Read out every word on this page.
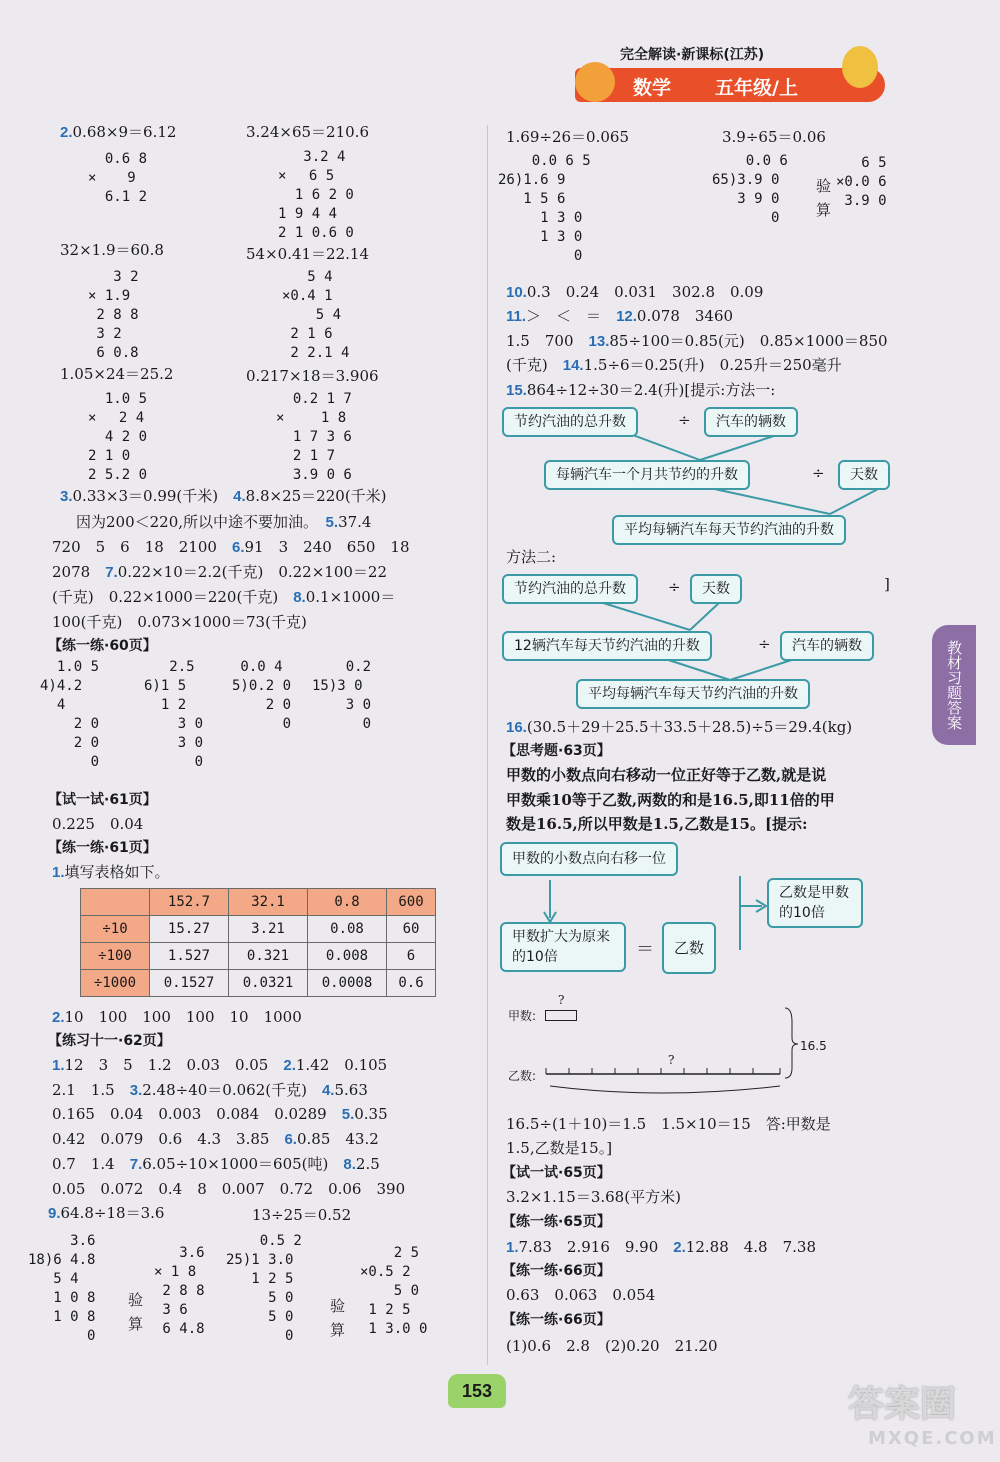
完全解读·新课标(江苏)
数学 五年级/上
教材习题答案
2.0.68×9＝6.12	3.24×65＝210.6
0.6 8
× 　 9
6.1 2
3.2 4
×　 6 5
1 6 2 0
1 9 4 4
2 1 0.6 0
32×1.9＝60.8	54×0.41＝22.14
3 2
× 1.9
2 8 8
3 2
6 0.8
5 4
×0.4 1
5 4
2 1 6
2 2.1 4
1.05×24＝25.2	0.217×18＝3.906
1.0 5
×　 2 4
4 2 0
2 1 0
2 5.2 0
0.2 1 7
×　　 1 8
1 7 3 6
2 1 7
3.9 0 6
3.0.33×3＝0.99(千米)　 4.8.8×25＝220(千米)
因为200＜220,所以中途不要加油。　 5.37.4
720　5　6　18　2100　 6.91　3　240　650　18
2078　 7.0.22×10＝2.2(千克)　0.22×100＝22
(千克)　0.22×1000＝220(千克)　 8.0.1×1000＝
100(千克)　0.073×1000＝73(千克)
【练一练·60页】
1.0 5
4)4.2
4
2 0
2 0
0
2.5
6)1 5
1 2
3 0
3 0
0
0.0 4
5)0.2 0
2 0
0
0.2
15)3 0
3 0
0
【试一试·61页】
0.225　0.04
【练一练·61页】
1.填写表格如下。
	152.7	32.1	0.8	600
÷10	15.27	3.21	0.08	60
÷100	1.527	0.321	0.008	6
÷1000	0.1527	0.0321	0.0008	0.6
2.10　100　100　100　10　1000
【练习十一·62页】
1.12　3　5　1.2　0.03　0.05　 2.1.42　0.105
2.1　1.5　 3.2.48÷40＝0.062(千克)　 4.5.63
0.165　0.04　0.003　0.084　0.0289　 5.0.35
0.42　0.079　0.6　4.3　3.85　 6.0.85　43.2
0.7　1.4　 7.6.05÷10×1000＝605(吨)　 8.2.5
0.05　0.072　0.4　8　0.007　0.72　0.06　390
9.64.8÷18＝3.6	13÷25＝0.52
3.6
18)6 4.8
5 4
1 0 8
1 0 8
0
3.6
× 1 8
2 8 8
3 6
6 4.8
验
算
0.5 2
25)1 3.0
1 2 5
5 0
5 0
0
2 5
×0.5 2
5 0
1 2 5
1 3.0 0
验
算
1.69÷26＝0.065	3.9÷65＝0.06
0.0 6 5
26)1.6 9
1 5 6
1 3 0
1 3 0
0
0.0 6
65)3.9 0
3 9 0
0
验
算
6 5
×0.0 6
3.9 0
10.0.3　0.24　0.031　302.8　0.09
11.＞　＜　＝　 12.0.078　3460
1.5　700　 13.85÷100＝0.85(元)　0.85×1000＝850
(千克)　 14.1.5÷6＝0.25(升)　0.25升＝250毫升
15.864÷12÷30＝2.4(升)[提示:方法一:
节约汽油的总升数	÷	汽车的辆数
每辆汽车一个月共节约的升数	÷	天数
平均每辆汽车每天节约汽油的升数
方法二:
节约汽油的总升数	÷	天数	]
12辆汽车每天节约汽油的升数	÷	汽车的辆数
平均每辆汽车每天节约汽油的升数
16.(30.5＋29＋25.5＋33.5＋28.5)÷5＝29.4(kg)
【思考题·63页】
甲数的小数点向右移动一位正好等于乙数,就是说
甲数乘10等于乙数,两数的和是16.5,即11倍的甲
数是16.5,所以甲数是1.5,乙数是15。[提示:
甲数的小数点向右移一位
乙数是甲数的10倍
甲数扩大为原来的10倍	＝	乙数
甲数:
?
乙数:
?
16.5
16.5÷(1＋10)＝1.5　1.5×10＝15　答:甲数是
1.5,乙数是15。]
【试一试·65页】
3.2×1.15＝3.68(平方米)
【练一练·65页】
1.7.83　2.916　9.90　 2.12.88　4.8　7.38
【练一练·66页】
0.63　0.063　0.054
【练一练·66页】
(1)0.6　2.8　(2)0.20　21.20
153	答案圈
MXQE.COM
